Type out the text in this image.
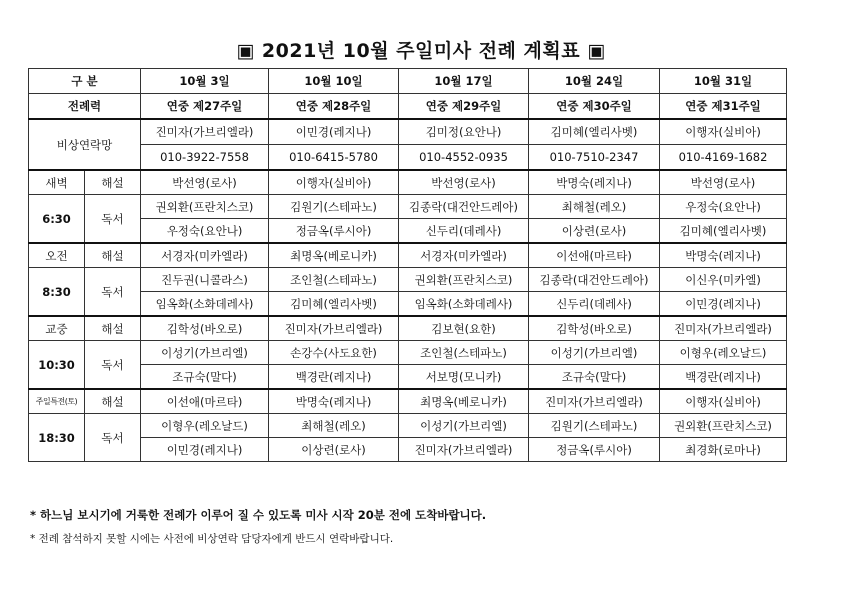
▣ 2021년 10월 주일미사 전례 계획표 ▣
구 분		10월 3일	10월 10일	10월 17일	10월 24일	10월 31일
전례력		연중 제27주일	연중 제28주일	연중 제29주일	연중 제30주일	연중 제31주일
비상연락망		진미자(가브리엘라)	이민경(레지나)	김미정(요안나)	김미혜(엘리사벳)	이행자(실비아)
		010-3922-7558	010-6415-5780	010-4552-0935	010-7510-2347	010-4169-1682
새벽	해설	박선영(로사)	이행자(실비아)	박선영(로사)	박명숙(레지나)	박선영(로사)
6:30	독서	권외환(프란치스코)	김원기(스테파노)	김종락(대건안드레아)	최해철(레오)	우정숙(요안나)
		우정숙(요안나)	정금옥(루시아)	신두리(데레사)	이상련(로사)	김미혜(엘리사벳)
오전	해설	서경자(미카엘라)	최명옥(베로니카)	서경자(미카엘라)	이선애(마르타)	박명숙(레지나)
8:30	독서	진두권(니콜라스)	조인철(스테파노)	권외환(프란치스코)	김종락(대건안드레아)	이신우(미카엘)
		임옥화(소화데레사)	김미혜(엘리사벳)	임옥화(소화데레사)	신두리(데레사)	이민경(레지나)
교중	해설	김학성(바오로)	진미자(가브리엘라)	김보현(요한)	김학성(바오로)	진미자(가브리엘라)
10:30	독서	이성기(가브리엘)	손강수(사도요한)	조인철(스테파노)	이성기(가브리엘)	이형우(레오날드)
		조규숙(말다)	백경란(레지나)	서보명(모니카)	조규숙(말다)	백경란(레지나)
주일특전(토)	해설	이선애(마르타)	박명숙(레지나)	최명옥(베로니카)	진미자(가브리엘라)	이행자(실비아)
18:30	독서	이형우(레오날드)	최해철(레오)	이성기(가브리엘)	김원기(스테파노)	권외환(프란치스코)
		이민경(레지나)	이상련(로사)	진미자(가브리엘라)	정금옥(루시아)	최경화(로마나)
* 하느님 보시기에 거룩한 전례가 이루어 질 수 있도록 미사 시작 20분 전에 도착바랍니다.
* 전례 참석하지 못할 시에는 사전에 비상연락 담당자에게 반드시 연락바랍니다.
